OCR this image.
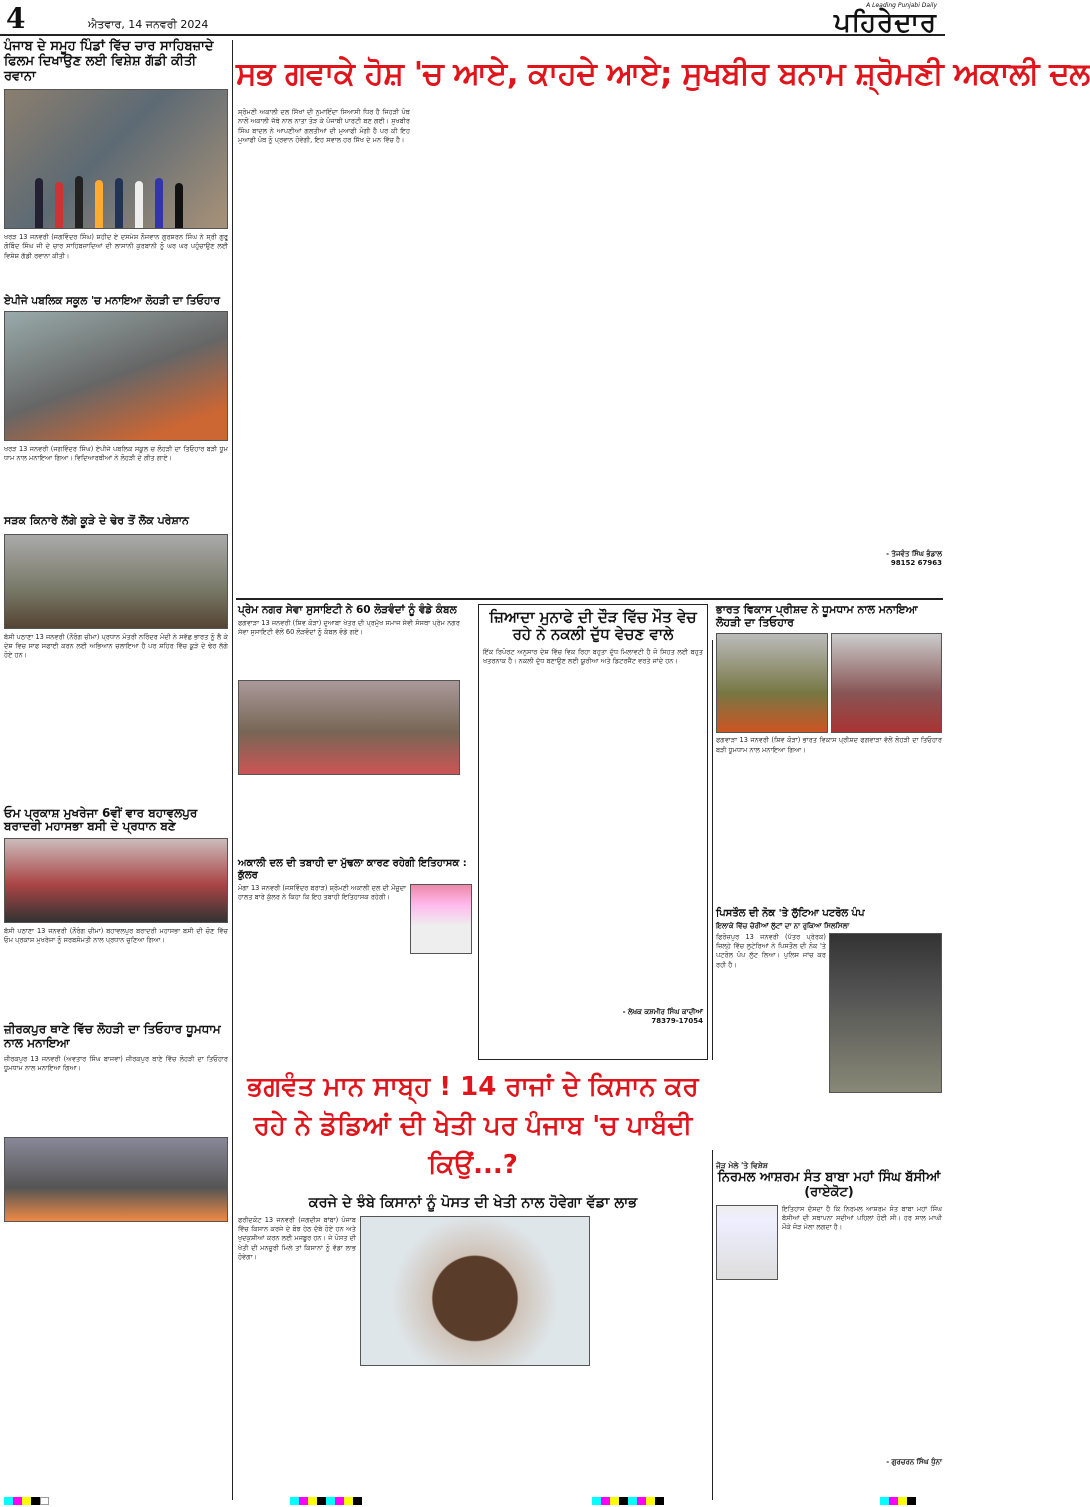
4	ਐਤਵਾਰ, 14 ਜਨਵਰੀ 2024
A Leading Punjabi Daily
ਪਹਿਰੇਦਾਰ
ਸਭ ਗਵਾਕੇ ਹੋਸ਼ 'ਚ ਆਏ, ਕਾਹਦੇ ਆਏ; ਸੁਖਬੀਰ ਬਨਾਮ ਸ਼੍ਰੋਮਣੀ ਅਕਾਲੀ ਦਲ
ਸ਼੍ਰੋਮਣੀ ਅਕਾਲੀ ਦਲ ਸਿੱਖਾਂ ਦੀ ਨੁਮਾਇੰਦਾ ਸਿਆਸੀ ਧਿਰ ਹੈ ਜਿਹੜੀ ਪੰਥ ਨਾਲੋਂ ਅਕਾਲੀ ਜੱਥੇ ਨਾਲ ਨਾਤਾ ਤੋੜ ਕੇ ਪੰਜਾਬੀ ਪਾਰਟੀ ਬਣ ਗਈ। ਸੁਖਬੀਰ ਸਿੰਘ ਬਾਦਲ ਨੇ ਆਪਣੀਆਂ ਗਲਤੀਆਂ ਦੀ ਮੁਆਫੀ ਮੰਗੀ ਹੈ ਪਰ ਕੀ ਇਹ ਮੁਆਫੀ ਪੰਥ ਨੂੰ ਪ੍ਰਵਾਨ ਹੋਵੇਗੀ, ਇਹ ਸਵਾਲ ਹਰ ਸਿੱਖ ਦੇ ਮਨ ਵਿੱਚ ਹੈ।
- ਤੇਜਵੰਤ ਸਿੰਘ ਭੰਡਾਲ
98152 67963
ਪੰਜਾਬ ਦੇ ਸਮੂਹ ਪਿੰਡਾਂ ਵਿੱਚ ਚਾਰ ਸਾਹਿਬਜ਼ਾਦੇ ਫਿਲਮ ਦਿਖਾਉਣ ਲਈ ਵਿਸ਼ੇਸ਼ ਗੱਡੀ ਕੀਤੀ ਰਵਾਨਾ
ਖਰੜ 13 ਜਨਵਰੀ (ਜਗਵਿੰਦਰ ਸਿੰਘ) ਸ਼ਹੀਦ ਏ ਦਸਮੇਸ਼ ਨੌਜਵਾਨ ਗੁਰਸ਼ਰਨ ਸਿੰਘ ਨੇ ਸ੍ਰੀ ਗੁਰੂ ਗੋਬਿੰਦ ਸਿੰਘ ਜੀ ਦੇ ਚਾਰ ਸਾਹਿਬਜ਼ਾਦਿਆਂ ਦੀ ਲਾਸਾਨੀ ਕੁਰਬਾਨੀ ਨੂੰ ਘਰ ਘਰ ਪਹੁੰਚਾਉਣ ਲਈ ਵਿਸ਼ੇਸ਼ ਗੱਡੀ ਰਵਾਨਾ ਕੀਤੀ।
ਏਪੀਜੇ ਪਬਲਿਕ ਸਕੂਲ 'ਚ ਮਨਾਇਆ ਲੋਹੜੀ ਦਾ ਤਿਓਹਾਰ
ਖਰੜ 13 ਜਨਵਰੀ (ਜਗਵਿੰਦਰ ਸਿੰਘ) ਏਪੀਜੇ ਪਬਲਿਕ ਸਕੂਲ ਚ ਲੋਹੜੀ ਦਾ ਤਿਓਹਾਰ ਬੜੀ ਧੂਮ ਧਾਮ ਨਾਲ ਮਨਾਇਆ ਗਿਆ। ਵਿਦਿਆਰਥੀਆਂ ਨੇ ਲੋਹੜੀ ਦੇ ਗੀਤ ਗਾਏ।
ਸੜਕ ਕਿਨਾਰੇ ਲੱਗੇ ਕੂੜੇ ਦੇ ਢੇਰ ਤੋਂ ਲੋਕ ਪਰੇਸ਼ਾਨ
ਬੱਸੀ ਪਠਾਣਾ 13 ਜਨਵਰੀ (ਨੌਰੰਗ ਚੀਮਾ) ਪ੍ਰਧਾਨ ਮੰਤਰੀ ਨਰਿੰਦਰ ਮੋਦੀ ਨੇ ਸਵੱਛ ਭਾਰਤ ਨੂੰ ਲੈ ਕੇ ਦੇਸ਼ ਵਿਚ ਸਾਫ ਸਫਾਈ ਕਰਨ ਲਈ ਅਭਿਆਨ ਚਲਾਇਆ ਹੈ ਪਰ ਸ਼ਹਿਰ ਵਿੱਚ ਕੂੜੇ ਦੇ ਢੇਰ ਲੱਗੇ ਹੋਏ ਹਨ।
ਓਮ ਪ੍ਰਕਾਸ਼ ਮੁਖਰੇਜਾ 6ਵੀਂ ਵਾਰ ਬਹਾਵਲਪੁਰ ਬਰਾਦਰੀ ਮਹਾਸਭਾ ਬਸੀ ਦੇ ਪ੍ਰਧਾਨ ਬਣੇ
ਬੱਸੀ ਪਠਾਣਾ 13 ਜਨਵਰੀ (ਨੌਰੰਗ ਚੀਮਾ) ਬਹਾਵਲਪੁਰ ਬਰਾਦਰੀ ਮਹਾਸਭਾ ਬਸੀ ਦੀ ਚੋਣ ਵਿੱਚ ਓਮ ਪ੍ਰਕਾਸ਼ ਮੁਖਰੇਜਾ ਨੂੰ ਸਰਬਸੰਮਤੀ ਨਾਲ ਪ੍ਰਧਾਨ ਚੁਣਿਆ ਗਿਆ।
ਜ਼ੀਰਕਪੁਰ ਥਾਣੇ ਵਿੱਚ ਲੋਹੜੀ ਦਾ ਤਿਓਹਾਰ ਧੂਮਧਾਮ ਨਾਲ ਮਨਾਇਆ
ਜ਼ੀਰਕਪੁਰ 13 ਜਨਵਰੀ (ਅਵਤਾਰ ਸਿੰਘ ਬਾਜਵਾ) ਜ਼ੀਰਕਪੁਰ ਥਾਣੇ ਵਿੱਚ ਲੋਹੜੀ ਦਾ ਤਿਓਹਾਰ ਧੂਮਧਾਮ ਨਾਲ ਮਨਾਇਆ ਗਿਆ।
ਪ੍ਰੇਮ ਨਗਰ ਸੇਵਾ ਸੁਸਾਇਟੀ ਨੇ 60 ਲੋੜਵੰਦਾਂ ਨੂੰ ਵੰਡੇ ਕੰਬਲ
ਫਗਵਾੜਾ 13 ਜਨਵਰੀ (ਸ਼ਿਵ ਕੋੜਾ) ਦੁਆਬਾ ਖੇਤਰ ਦੀ ਪ੍ਰਮੁੱਖ ਸਮਾਜ ਸੇਵੀ ਸੰਸਥਾ ਪ੍ਰੇਮ ਨਗਰ ਸੇਵਾ ਸੁਸਾਇਟੀ ਵੱਲੋਂ 60 ਲੋੜਵੰਦਾਂ ਨੂੰ ਕੰਬਲ ਵੰਡੇ ਗਏ।
ਅਕਾਲੀ ਦਲ ਦੀ ਤਬਾਹੀ ਦਾ ਮੁੱਢਲਾ ਕਾਰਣ ਰਹੇਗੀ ਇਤਿਹਾਸਕ : ਕੁੱਲਰ
ਮੋਗਾ 13 ਜਨਵਰੀ (ਜਸਵਿੰਦਰ ਬਰਾੜ) ਸ਼੍ਰੋਮਣੀ ਅਕਾਲੀ ਦਲ ਦੀ ਮੌਜੂਦਾ ਹਾਲਤ ਬਾਰੇ ਕੁੱਲਰ ਨੇ ਕਿਹਾ ਕਿ ਇਹ ਤਬਾਹੀ ਇਤਿਹਾਸਕ ਰਹੇਗੀ।
ਜ਼ਿਆਦਾ ਮੁਨਾਫੇ ਦੀ ਦੌੜ ਵਿੱਚ ਮੌਤ ਵੇਚ ਰਹੇ ਨੇ ਨਕਲੀ ਦੁੱਧ ਵੇਚਣ ਵਾਲੇ
ਇੱਕ ਰਿਪੋਰਟ ਅਨੁਸਾਰ ਦੇਸ਼ ਵਿੱਚ ਵਿਕ ਰਿਹਾ ਬਹੁਤਾ ਦੁੱਧ ਮਿਲਾਵਟੀ ਹੈ ਜੋ ਸਿਹਤ ਲਈ ਬਹੁਤ ਖਤਰਨਾਕ ਹੈ। ਨਕਲੀ ਦੁੱਧ ਬਣਾਉਣ ਲਈ ਯੂਰੀਆ ਅਤੇ ਡਿਟਰਜੈਂਟ ਵਰਤੇ ਜਾਂਦੇ ਹਨ।
- ਲੇਖਕ ਕਸ਼ਮੀਰ ਸਿੰਘ ਕਾਦੀਆਂ
78379-17054
ਭਗਵੰਤ ਮਾਨ ਸਾਬ੍ਹ ! 14 ਰਾਜਾਂ ਦੇ ਕਿਸਾਨ ਕਰ ਰਹੇ ਨੇ ਡੋਡਿਆਂ ਦੀ ਖੇਤੀ ਪਰ ਪੰਜਾਬ 'ਚ ਪਾਬੰਦੀ ਕਿਉਂ...?
ਕਰਜੇ ਦੇ ਝੰਬੇ ਕਿਸਾਨਾਂ ਨੂੰ ਪੋਸਤ ਦੀ ਖੇਤੀ ਨਾਲ ਹੋਵੇਗਾ ਵੱਡਾ ਲਾਭ
ਫਰੀਦਕੋਟ 13 ਜਨਵਰੀ (ਜਗਦੀਸ਼ ਬਾਂਬਾ) ਪੰਜਾਬ ਵਿੱਚ ਕਿਸਾਨ ਕਰਜੇ ਦੇ ਬੋਝ ਹੇਠ ਦੱਬੇ ਹੋਏ ਹਨ ਅਤੇ ਖੁਦਕੁਸ਼ੀਆਂ ਕਰਨ ਲਈ ਮਜਬੂਰ ਹਨ। ਜੇ ਪੋਸਤ ਦੀ ਖੇਤੀ ਦੀ ਮਨਜ਼ੂਰੀ ਮਿਲੇ ਤਾਂ ਕਿਸਾਨਾਂ ਨੂੰ ਵੱਡਾ ਲਾਭ ਹੋਵੇਗਾ।
ਭਾਰਤ ਵਿਕਾਸ ਪ੍ਰੀਸ਼ਦ ਨੇ ਧੂਮਧਾਮ ਨਾਲ ਮਨਾਇਆ ਲੋਹੜੀ ਦਾ ਤਿਓਹਾਰ
ਫਗਵਾੜਾ 13 ਜਨਵਰੀ (ਸ਼ਿਵ ਕੋੜਾ) ਭਾਰਤ ਵਿਕਾਸ ਪ੍ਰੀਸ਼ਦ ਫਗਵਾੜਾ ਵੱਲੋਂ ਲੋਹੜੀ ਦਾ ਤਿਓਹਾਰ ਬੜੀ ਧੂਮਧਾਮ ਨਾਲ ਮਨਾਇਆ ਗਿਆ।
ਪਿਸਤੌਲ ਦੀ ਨੋਕ 'ਤੇ ਲੁੱਟਿਆ ਪਟਰੋਲ ਪੰਪ
ਇਲਾਕੇ ਵਿੱਚ ਚੋਰੀਆਂ ਲੁੱਟਾਂ ਦਾ ਨਾ ਰੁਕਿਆ ਸਿਲਸਿਲਾ
ਫਿਰੋਜ਼ਪੁਰ 13 ਜਨਵਰੀ (ਪੱਤਰ ਪ੍ਰੇਰਕ) ਜ਼ਿਲ੍ਹੇ ਵਿੱਚ ਲੁਟੇਰਿਆਂ ਨੇ ਪਿਸਤੌਲ ਦੀ ਨੋਕ 'ਤੇ ਪਟਰੋਲ ਪੰਪ ਲੁੱਟ ਲਿਆ। ਪੁਲਿਸ ਜਾਂਚ ਕਰ ਰਹੀ ਹੈ।
ਜੋੜ ਮੇਲੇ 'ਤੇ ਵਿਸ਼ੇਸ਼
ਨਿਰਮਲ ਆਸ਼ਰਮ ਸੰਤ ਬਾਬਾ ਮਹਾਂ ਸਿੰਘ ਬੱਸੀਆਂ (ਰਾਏਕੋਟ)
ਇਤਿਹਾਸ ਦੱਸਦਾ ਹੈ ਕਿ ਨਿਰਮਲ ਆਸ਼ਰਮ ਸੰਤ ਬਾਬਾ ਮਹਾਂ ਸਿੰਘ ਬੱਸੀਆਂ ਦੀ ਸਥਾਪਨਾ ਸਦੀਆਂ ਪਹਿਲਾਂ ਹੋਈ ਸੀ। ਹਰ ਸਾਲ ਮਾਘੀ ਮੌਕੇ ਜੋੜ ਮੇਲਾ ਲਗਦਾ ਹੈ।
- ਗੁਰਚਰਨ ਸਿੰਘ ਧੁੰਨਾ
